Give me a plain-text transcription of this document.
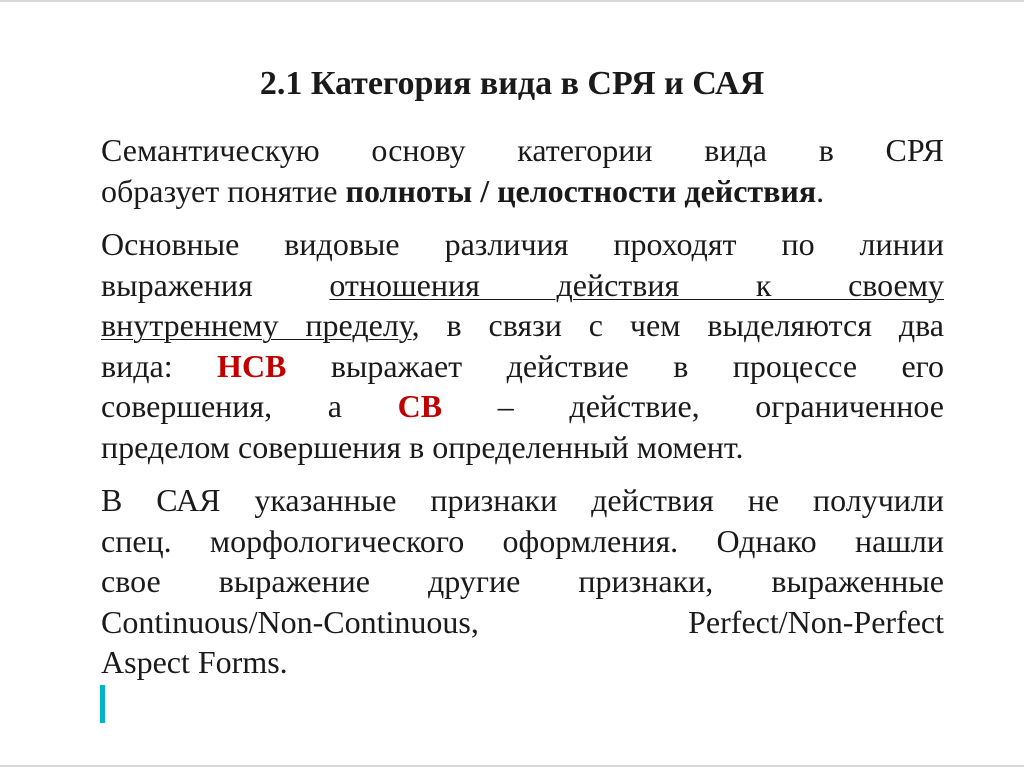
2.1 Категория вида в СРЯ и САЯ
Семантическую основу категории вида в СРЯ
образует понятие полноты / целостности действия.
Основные видовые различия проходят по линии
выражения отношения действия к своему
внутреннему пределу, в связи с чем выделяются два
вида: НСВ выражает действие в процессе его
совершения, а СВ – действие, ограниченное
пределом совершения в определенный момент.
В САЯ указанные признаки действия не получили
спец. морфологического оформления. Однако нашли
свое выражение другие признаки, выраженные
Continuous/Non-Continuous, Perfect/Non-Perfect
Aspect Forms.
